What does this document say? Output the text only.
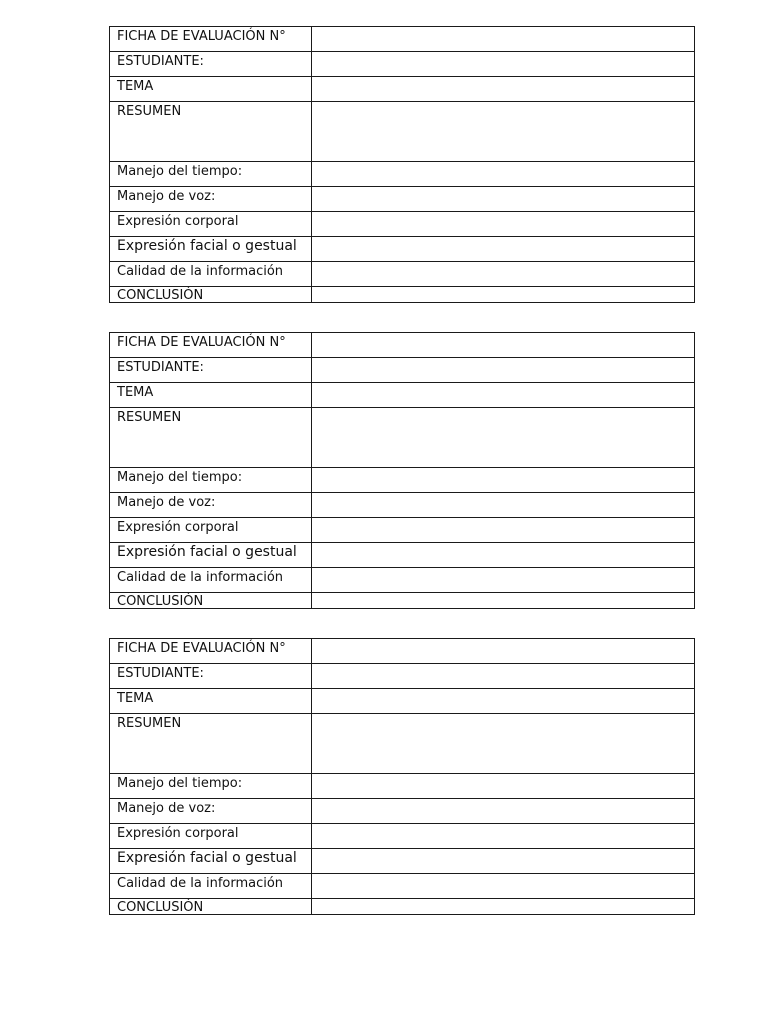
FICHA DE EVALUACIÓN N°	
ESTUDIANTE:	
TEMA	
RESUMEN	
Manejo del tiempo:	
Manejo de voz:	
Expresión corporal	
Expresión facial o gestual	
Calidad de la información	
CONCLUSIÓN	
FICHA DE EVALUACIÓN N°	
ESTUDIANTE:	
TEMA	
RESUMEN	
Manejo del tiempo:	
Manejo de voz:	
Expresión corporal	
Expresión facial o gestual	
Calidad de la información	
CONCLUSIÓN	
FICHA DE EVALUACIÓN N°	
ESTUDIANTE:	
TEMA	
RESUMEN	
Manejo del tiempo:	
Manejo de voz:	
Expresión corporal	
Expresión facial o gestual	
Calidad de la información	
CONCLUSIÓN	
